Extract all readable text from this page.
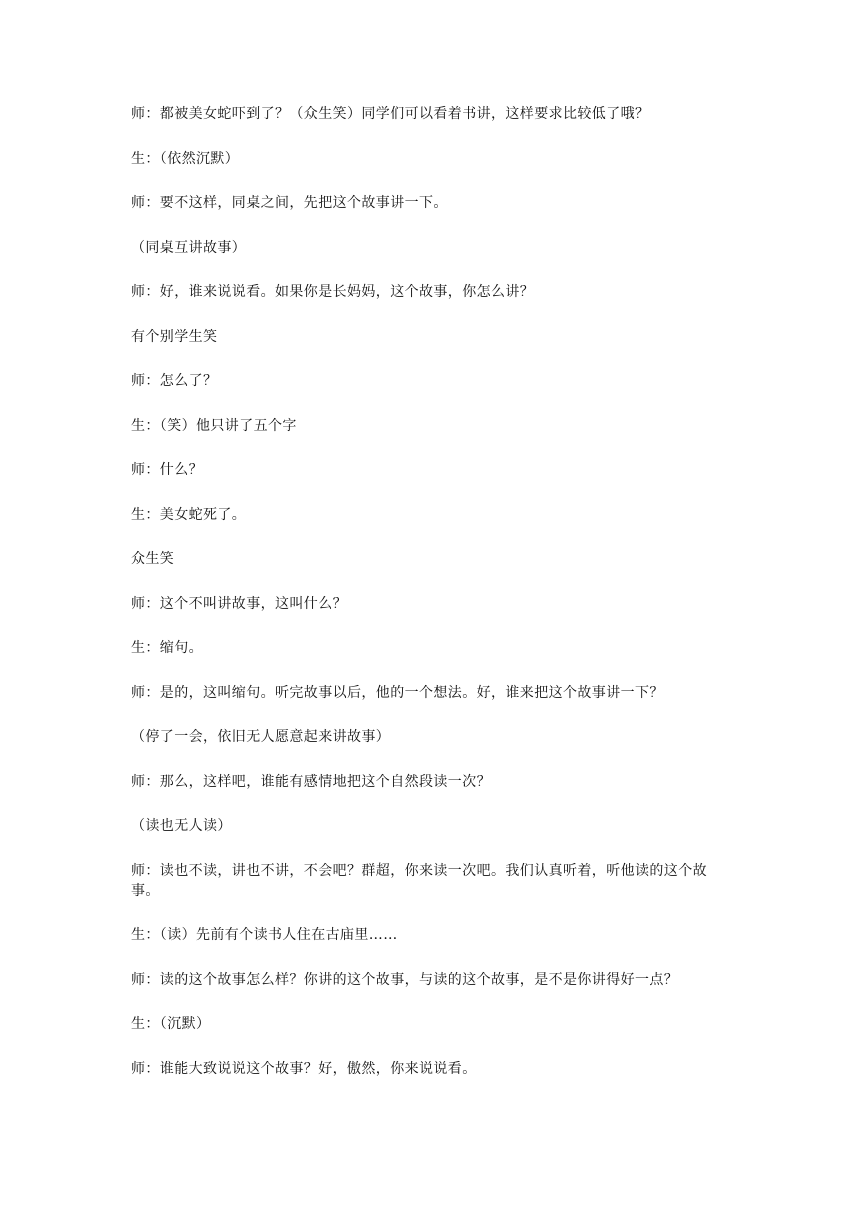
师：都被美女蛇吓到了？（众生笑）同学们可以看着书讲，这样要求比较低了哦？

生：（依然沉默）

师：要不这样，同桌之间，先把这个故事讲一下。

（同桌互讲故事）

师：好，谁来说说看。如果你是长妈妈，这个故事，你怎么讲？

有个别学生笑

师：怎么了？

生：（笑）他只讲了五个字

师：什么？

生：美女蛇死了。

众生笑

师：这个不叫讲故事，这叫什么？

生：缩句。

师：是的，这叫缩句。听完故事以后，他的一个想法。好，谁来把这个故事讲一下？

（停了一会，依旧无人愿意起来讲故事）

师：那么，这样吧，谁能有感情地把这个自然段读一次？

（读也无人读）

师：读也不读，讲也不讲，不会吧？群超，你来读一次吧。我们认真听着，听他读的这个故事。

生：（读）先前有个读书人住在古庙里……

师：读的这个故事怎么样？你讲的这个故事，与读的这个故事，是不是你讲得好一点？

生：（沉默）

师：谁能大致说说这个故事？好，傲然，你来说说看。
